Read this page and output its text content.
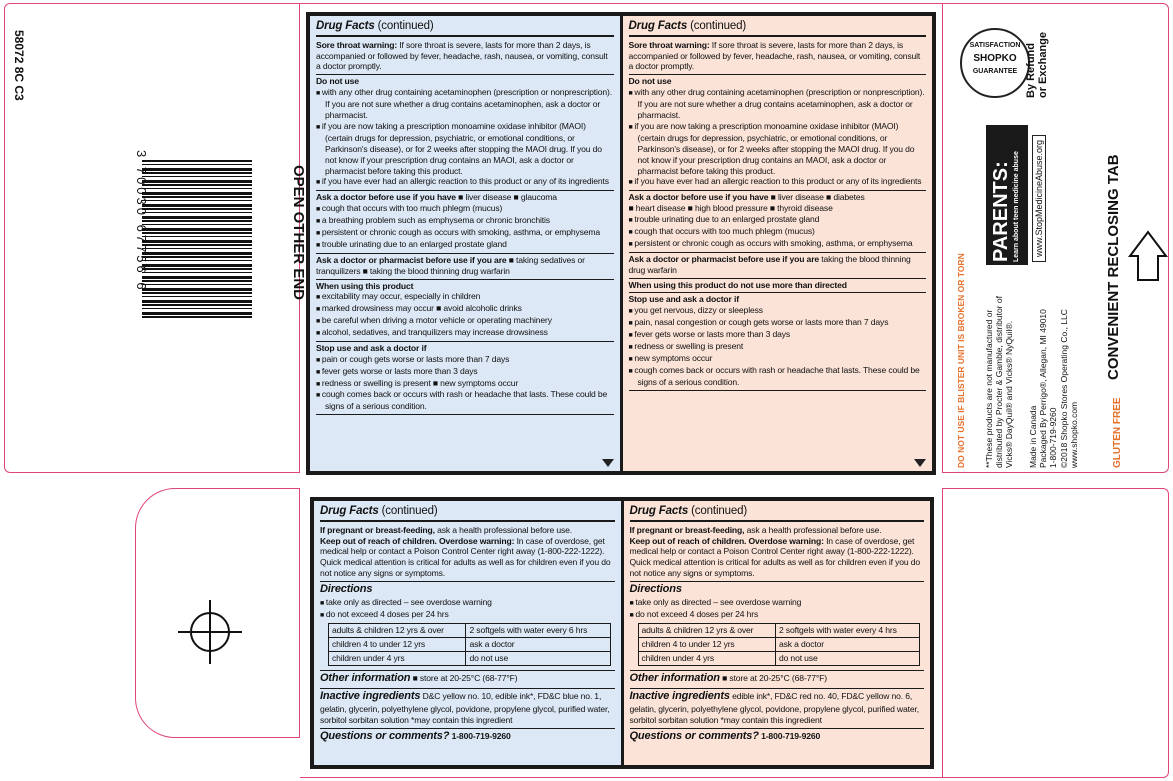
58072 8C C3
3 70030 67756 6	OPEN OTHER END
Drug Facts (continued)
Sore throat warning: If sore throat is severe, lasts for more than 2 days, is accompanied or followed by fever, headache, rash, nausea, or vomiting, consult a doctor promptly.
Do not use
■ with any other drug containing acetaminophen (prescription or nonprescription). If you are not sure whether a drug contains acetaminophen, ask a doctor or pharmacist.
■ if you are now taking a prescription monoamine oxidase inhibitor (MAOI) (certain drugs for depression, psychiatric, or emotional conditions, or Parkinson's disease), or for 2 weeks after stopping the MAOI drug. If you do not know if your prescription drug contains an MAOI, ask a doctor or pharmacist before taking this product.
■ if you have ever had an allergic reaction to this product or any of its ingredients
Ask a doctor before use if you have ■ liver disease ■ glaucoma
■ cough that occurs with too much phlegm (mucus)
■ a breathing problem such as emphysema or chronic bronchitis
■ persistent or chronic cough as occurs with smoking, asthma, or emphysema
■ trouble urinating due to an enlarged prostate gland
Ask a doctor or pharmacist before use if you are ■ taking sedatives or tranquilizers ■ taking the blood thinning drug warfarin
When using this product
■ excitability may occur, especially in children
■ marked drowsiness may occur ■ avoid alcoholic drinks
■ be careful when driving a motor vehicle or operating machinery
■ alcohol, sedatives, and tranquilizers may increase drowsiness
Stop use and ask a doctor if
■ pain or cough gets worse or lasts more than 7 days
■ fever gets worse or lasts more than 3 days
■ redness or swelling is present ■ new symptoms occur
■ cough comes back or occurs with rash or headache that lasts. These could be signs of a serious condition.
Drug Facts (continued)
Sore throat warning: If sore throat is severe, lasts for more than 2 days, is accompanied or followed by fever, headache, rash, nausea, or vomiting, consult a doctor promptly.
Do not use
■ with any other drug containing acetaminophen (prescription or nonprescription). If you are not sure whether a drug contains acetaminophen, ask a doctor or pharmacist.
■ if you are now taking a prescription monoamine oxidase inhibitor (MAOI) (certain drugs for depression, psychiatric, or emotional conditions, or Parkinson's disease), or for 2 weeks after stopping the MAOI drug. If you do not know if your prescription drug contains an MAOI, ask a doctor or pharmacist before taking this product.
■ if you have ever had an allergic reaction to this product or any of its ingredients
Ask a doctor before use if you have ■ liver disease ■ diabetes
■ heart disease ■ high blood pressure ■ thyroid disease
■ trouble urinating due to an enlarged prostate gland
■ cough that occurs with too much phlegm (mucus)
■ persistent or chronic cough as occurs with smoking, asthma, or emphysema
Ask a doctor or pharmacist before use if you are taking the blood thinning drug warfarin
When using this product do not use more than directed
Stop use and ask a doctor if
■ you get nervous, dizzy or sleepless
■ pain, nasal congestion or cough gets worse or lasts more than 7 days
■ fever gets worse or lasts more than 3 days
■ redness or swelling is present
■ new symptoms occur
■ cough comes back or occurs with rash or headache that lasts. These could be signs of a serious condition.
Drug Facts (continued)
If pregnant or breast-feeding, ask a health professional before use.
Keep out of reach of children. Overdose warning: In case of overdose, get medical help or contact a Poison Control Center right away (1-800-222-1222). Quick medical attention is critical for adults as well as for children even if you do not notice any signs or symptoms.
Directions
■ take only as directed – see overdose warning
■ do not exceed 4 doses per 24 hrs
adults & children 12 yrs & over	2 softgels with water every 6 hrs
children 4 to under 12 yrs	ask a doctor
children under 4 yrs	do not use
Other information ■ store at 20-25°C (68-77°F)
Inactive ingredients D&C yellow no. 10, edible ink*, FD&C blue no. 1, gelatin, glycerin, polyethylene glycol, povidone, propylene glycol, purified water, sorbitol sorbitan solution *may contain this ingredient
Questions or comments? 1-800-719-9260
Drug Facts (continued)
If pregnant or breast-feeding, ask a health professional before use.
Keep out of reach of children. Overdose warning: In case of overdose, get medical help or contact a Poison Control Center right away (1-800-222-1222). Quick medical attention is critical for adults as well as for children even if you do not notice any signs or symptoms.
Directions
■ take only as directed – see overdose warning
■ do not exceed 4 doses per 24 hrs
adults & children 12 yrs & over	2 softgels with water every 4 hrs
children 4 to under 12 yrs	ask a doctor
children under 4 yrs	do not use
Other information ■ store at 20-25°C (68-77°F)
Inactive ingredients edible ink*, FD&C red no. 40, FD&C yellow no. 6, gelatin, glycerin, polyethylene glycol, povidone, propylene glycol, purified water, sorbitol sorbitan solution *may contain this ingredient
Questions or comments? 1-800-719-9260
SATISFACTION
SHOPKO
GUARANTEE By Refund or Exchange
PARENTS: Learn about teen medicine abuse www.StopMedicineAbuse.org
DO NOT USE IF BLISTER UNIT IS BROKEN OR TORN **These products are not manufactured or distributed by Procter & Gamble, distributor of Vicks® DayQuil® and Vicks® NyQuil®. Made in Canada Packaged By Perrigo®, Allegan, MI 49010 1-800-719-9260 ©2018 Shopko Stores Operating Co., LLC www.shopko.com	GLUTEN FREE
CONVENIENT RECLOSING TAB
